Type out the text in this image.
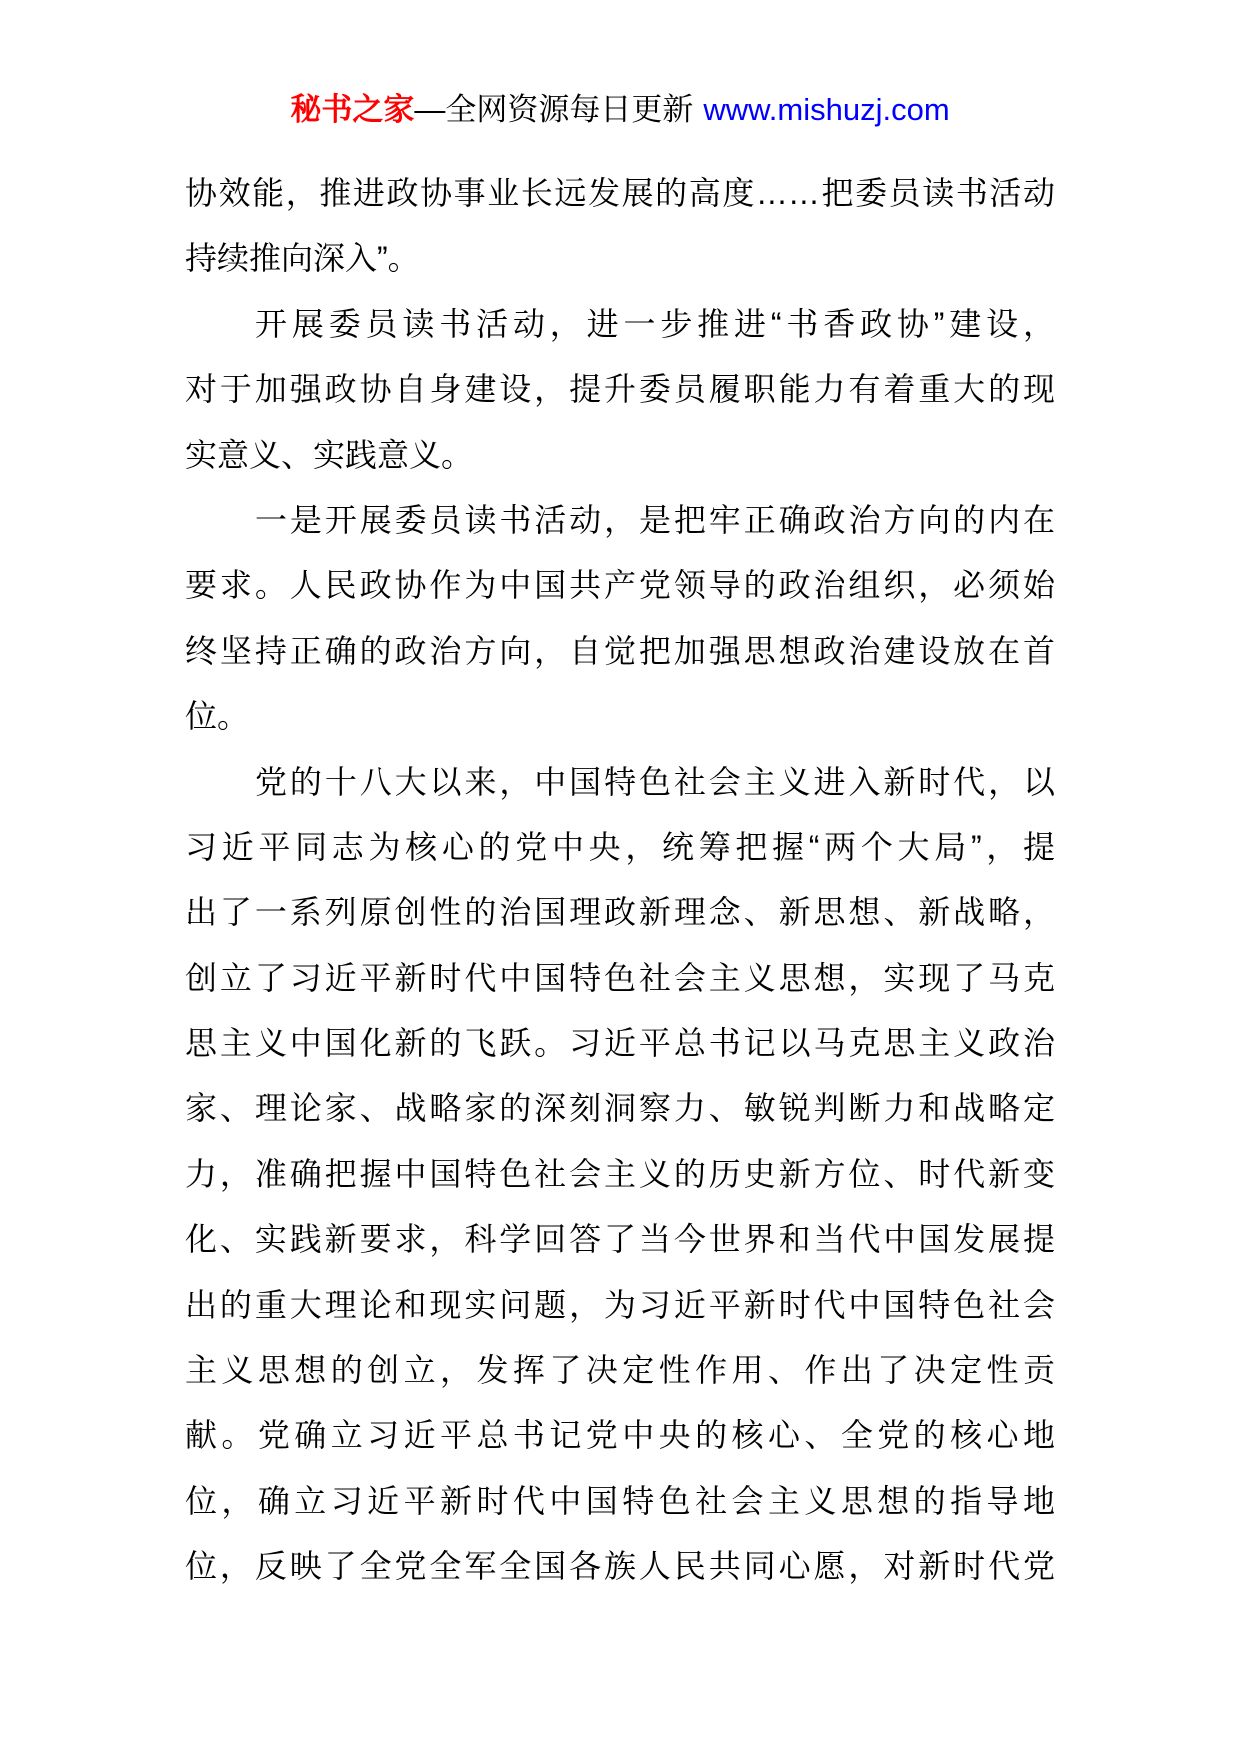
秘书之家—全网资源每日更新 www.mishuzj.com
协效能，推进政协事业长远发展的高度……把委员读书活动
持续推向深入”。
开展委员读书活动，进一步推进“书香政协”建设，
对于加强政协自身建设，提升委员履职能力有着重大的现
实意义、实践意义。
一是开展委员读书活动，是把牢正确政治方向的内在
要求。人民政协作为中国共产党领导的政治组织，必须始
终坚持正确的政治方向，自觉把加强思想政治建设放在首
位。
党的十八大以来，中国特色社会主义进入新时代，以
习近平同志为核心的党中央，统筹把握“两个大局”，提
出了一系列原创性的治国理政新理念、新思想、新战略，
创立了习近平新时代中国特色社会主义思想，实现了马克
思主义中国化新的飞跃。习近平总书记以马克思主义政治
家、理论家、战略家的深刻洞察力、敏锐判断力和战略定
力，准确把握中国特色社会主义的历史新方位、时代新变
化、实践新要求，科学回答了当今世界和当代中国发展提
出的重大理论和现实问题，为习近平新时代中国特色社会
主义思想的创立，发挥了决定性作用、作出了决定性贡
献。党确立习近平总书记党中央的核心、全党的核心地
位，确立习近平新时代中国特色社会主义思想的指导地
位，反映了全党全军全国各族人民共同心愿，对新时代党
